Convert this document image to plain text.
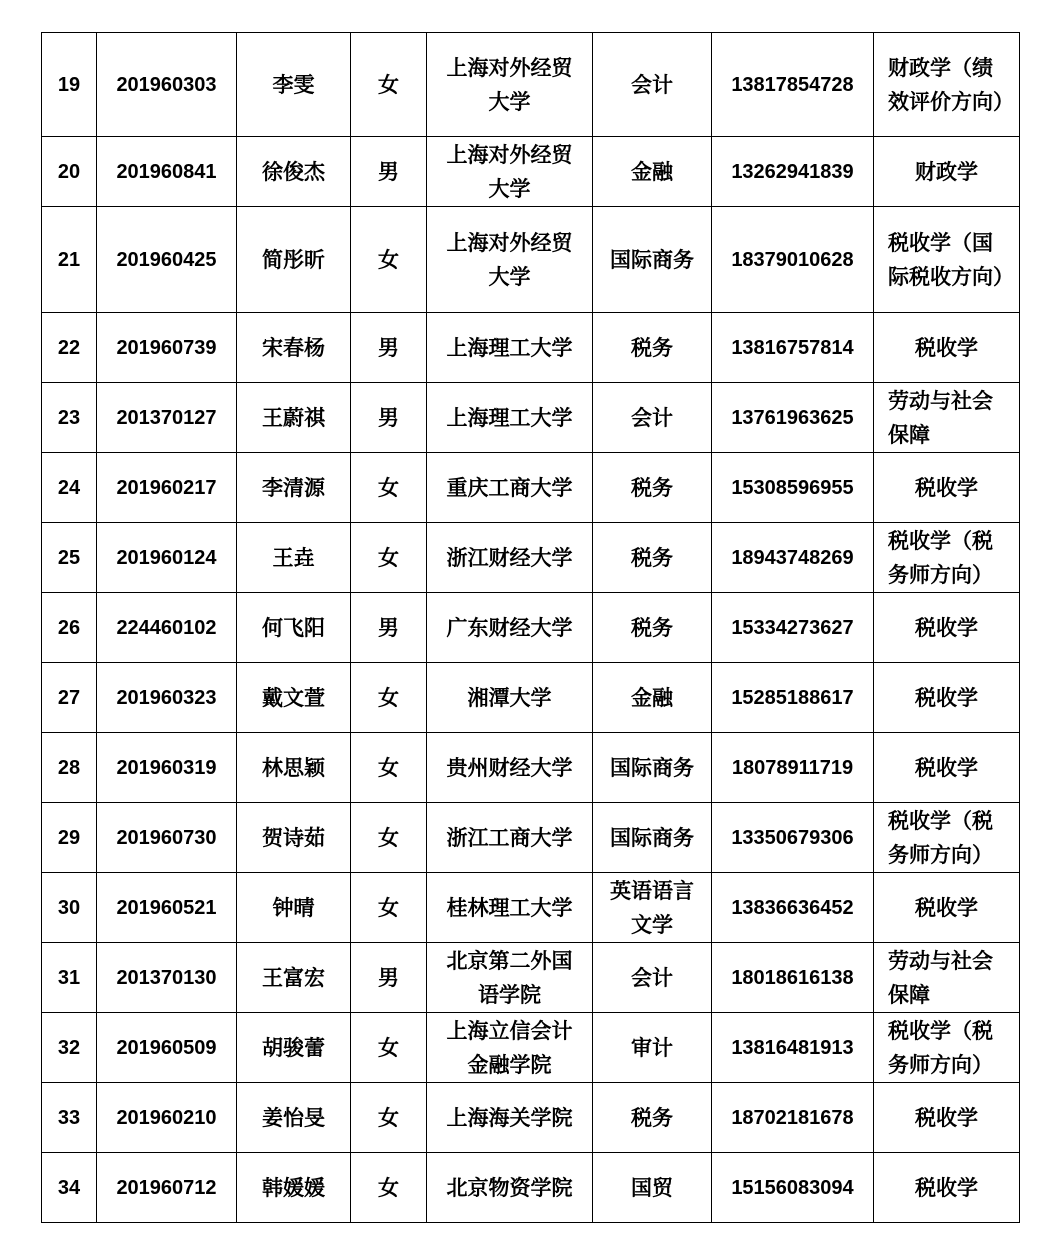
19	201960303	李雯	女	上海对外经贸大学	会计	13817854728	财政学（绩效评价方向）
20	201960841	徐俊杰	男	上海对外经贸大学	金融	13262941839	财政学
21	201960425	简彤昕	女	上海对外经贸大学	国际商务	18379010628	税收学（国际税收方向）
22	201960739	宋春杨	男	上海理工大学	税务	13816757814	税收学
23	201370127	王蔚祺	男	上海理工大学	会计	13761963625	劳动与社会保障
24	201960217	李清源	女	重庆工商大学	税务	15308596955	税收学
25	201960124	王垚	女	浙江财经大学	税务	18943748269	税收学（税务师方向）
26	224460102	何飞阳	男	广东财经大学	税务	15334273627	税收学
27	201960323	戴文萱	女	湘潭大学	金融	15285188617	税收学
28	201960319	林思颖	女	贵州财经大学	国际商务	18078911719	税收学
29	201960730	贺诗茹	女	浙江工商大学	国际商务	13350679306	税收学（税务师方向）
30	201960521	钟晴	女	桂林理工大学	英语语言文学	13836636452	税收学
31	201370130	王富宏	男	北京第二外国语学院	会计	18018616138	劳动与社会保障
32	201960509	胡骏蕾	女	上海立信会计金融学院	审计	13816481913	税收学（税务师方向）
33	201960210	姜怡旻	女	上海海关学院	税务	18702181678	税收学
34	201960712	韩媛媛	女	北京物资学院	国贸	15156083094	税收学
